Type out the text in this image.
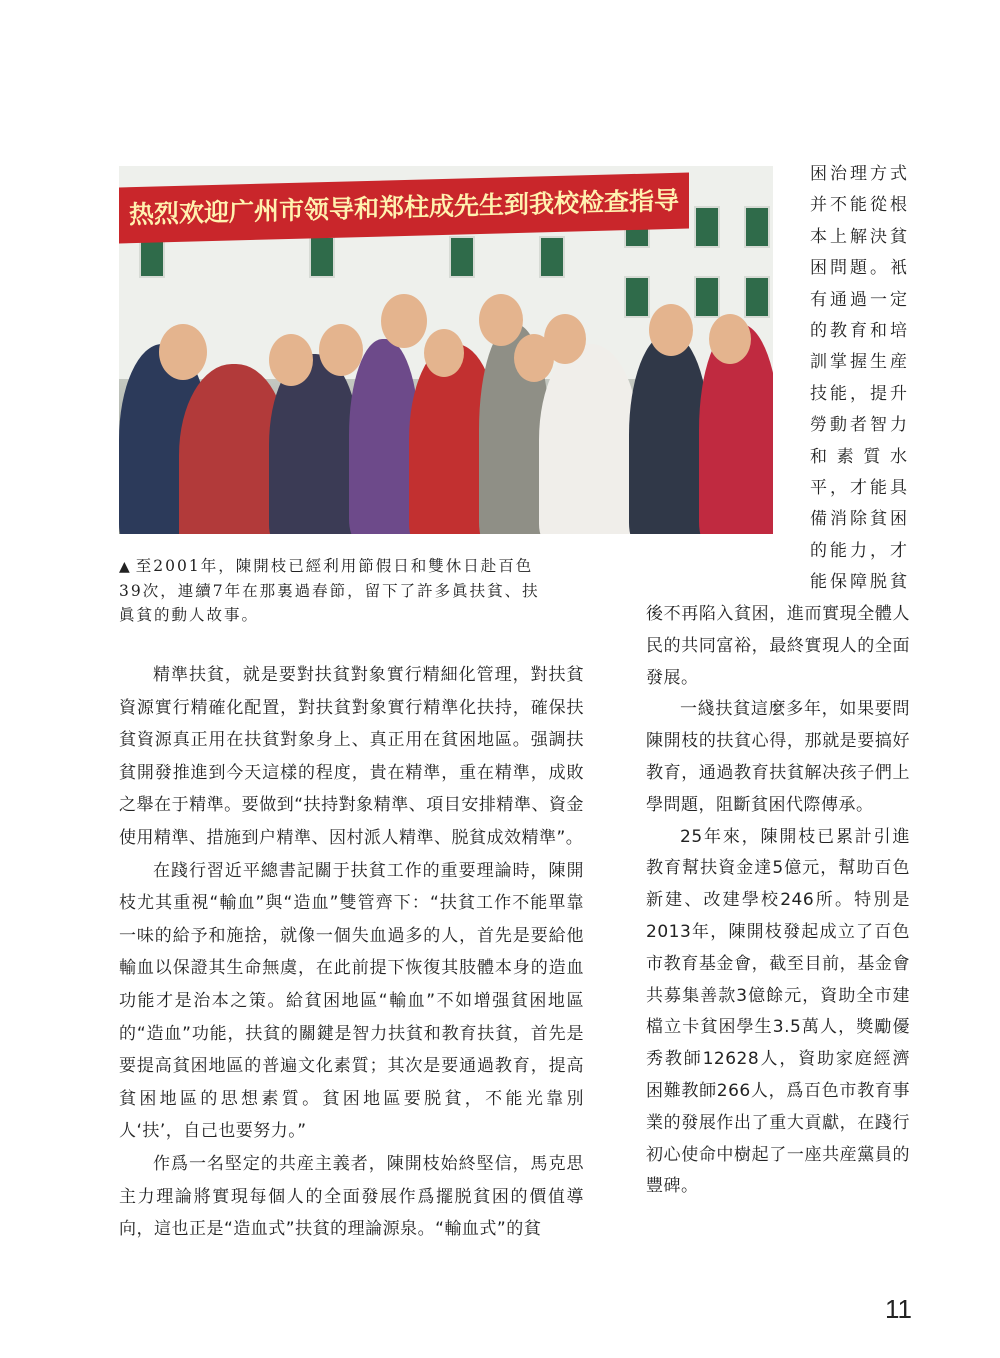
热烈欢迎广州市领导和郑柱成先生到我校检查指导
▲ 至2001年，陳開枝已經利用節假日和雙休日赴百色39次，連續7年在那裏過春節，留下了許多眞扶貧、扶眞貧的動人故事。

精準扶貧，就是要對扶貧對象實行精細化管理，對扶貧資源實行精確化配置，對扶貧對象實行精準化扶持，確保扶貧資源真正用在扶貧對象身上、真正用在貧困地區。强調扶貧開發推進到今天這樣的程度，貴在精準，重在精準，成敗之舉在于精準。要做到“扶持對象精準、項目安排精準、資金使用精準、措施到户精準、因村派人精準、脱貧成效精準”。

在踐行習近平總書記關于扶貧工作的重要理論時，陳開枝尤其重視“輸血”與“造血”雙管齊下：“扶貧工作不能單靠一味的給予和施捨，就像一個失血過多的人，首先是要給他輸血以保證其生命無虞，在此前提下恢復其肢體本身的造血功能才是治本之策。給貧困地區“輸血”不如增强貧困地區的“造血”功能，扶貧的關鍵是智力扶貧和教育扶貧，首先是要提高貧困地區的普遍文化素質；其次是要通過教育，提高貧困地區的思想素質。貧困地區要脱貧，不能光靠別人‘扶’，自己也要努力。”

作爲一名堅定的共産主義者，陳開枝始終堅信，馬克思主力理論將實現每個人的全面發展作爲擺脱貧困的價值導向，這也正是“造血式”扶貧的理論源泉。“輸血式”的貧

困治理方式并不能從根本上解決貧困問題。衹有通過一定的教育和培訓掌握生産技能，提升勞動者智力和素質水平，才能具備消除貧困的能力，才能保障脱貧

後不再陷入貧困，進而實現全體人民的共同富裕，最終實現人的全面發展。

一綫扶貧這麼多年，如果要問陳開枝的扶貧心得，那就是要搞好教育，通過教育扶貧解决孩子們上學問題，阻斷貧困代際傳承。

25年來，陳開枝已累計引進教育幫扶資金達5億元，幫助百色新建、改建學校246所。特別是2013年，陳開枝發起成立了百色市教育基金會，截至目前，基金會共募集善款3億餘元，資助全市建檔立卡貧困學生3.5萬人，獎勵優秀教師12628人，資助家庭經濟困難教師266人，爲百色市教育事業的發展作出了重大貢獻，在踐行初心使命中樹起了一座共産黨員的豐碑。

11
